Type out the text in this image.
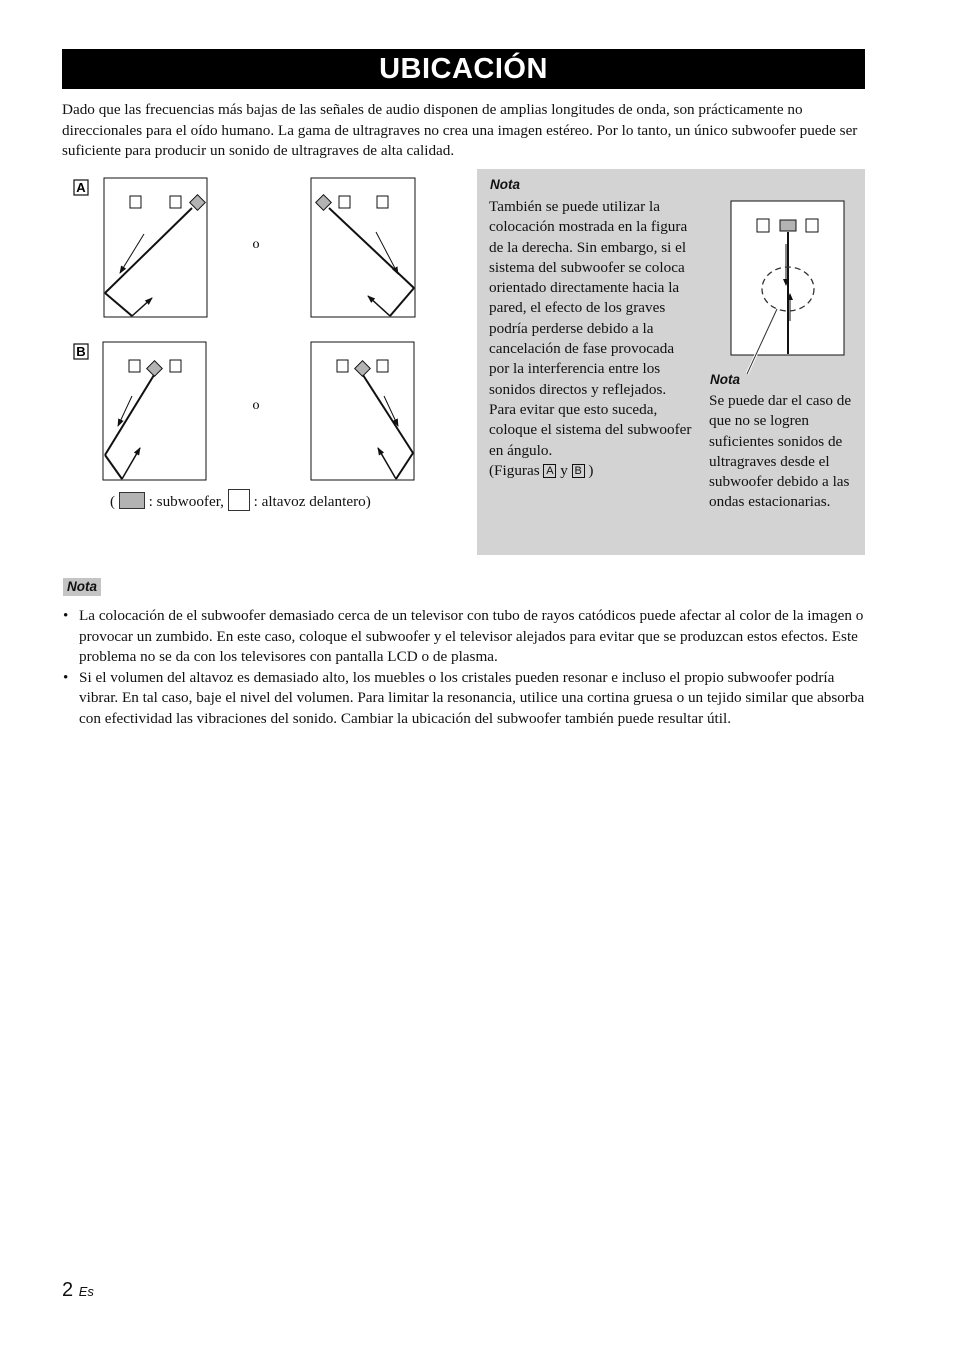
UBICACIÓN

Dado que las frecuencias más bajas de las señales de audio disponen de amplias longitudes de onda, son prácticamente no direccionales para el oído humano. La gama de ultragraves no crea una imagen estéreo. Por lo tanto, un único subwoofer puede ser suficiente para producir un sonido de ultragraves de alta calidad.

A
o
B
o
( : subwoofer, : altavoz delantero)
Nota

También se puede utilizar la colocación mostrada en la figura de la derecha. Sin embargo, si el sistema del subwoofer se coloca orientado directamente hacia la pared, el efecto de los graves podría perderse debido a la cancelación de fase provocada por la interferencia entre los sonidos directos y reflejados.
Para evitar que esto suceda, coloque el sistema del subwoofer en ángulo.
(Figuras A y B )

Nota

Se puede dar el caso de que no se logren suficientes sonidos de ultragraves desde el subwoofer debido a las ondas estacionarias.

Nota
• La colocación de el subwoofer demasiado cerca de un televisor con tubo de rayos catódicos puede afectar al color de la imagen o provocar un zumbido. En este caso, coloque el subwoofer y el televisor alejados para evitar que se produzcan estos efectos. Este problema no se da con los televisores con pantalla LCD o de plasma.
• Si el volumen del altavoz es demasiado alto, los muebles o los cristales pueden resonar e incluso el propio subwoofer podría vibrar. En tal caso, baje el nivel del volumen. Para limitar la resonancia, utilice una cortina gruesa o un tejido similar que absorba con efectividad las vibraciones del sonido. Cambiar la ubicación del subwoofer también puede resultar útil.
2 Es
